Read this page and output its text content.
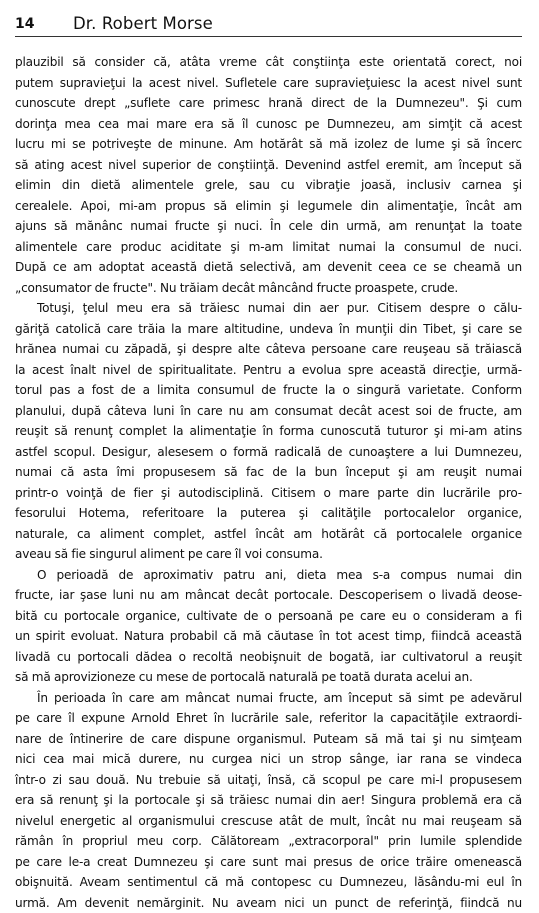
14 Dr. Robert Morse
plauzibil să consider că, atâta vreme cât conştiinţa este orientată corect, noi
putem supravieţui la acest nivel. Sufletele care supravieţuiesc la acest nivel sunt
cunoscute drept „suflete care primesc hrană direct de la Dumnezeu". Şi cum
dorinţa mea cea mai mare era să îl cunosc pe Dumnezeu, am simţit că acest
lucru mi se potriveşte de minune. Am hotărât să mă izolez de lume şi să încerc
să ating acest nivel superior de conştiinţă. Devenind astfel eremit, am început să
elimin din dietă alimentele grele, sau cu vibraţie joasă, inclusiv carnea şi
cerealele. Apoi, mi-am propus să elimin şi legumele din alimentaţie, încât am
ajuns să mănânc numai fructe şi nuci. În cele din urmă, am renunţat la toate
alimentele care produc aciditate şi m-am limitat numai la consumul de nuci.
După ce am adoptat această dietă selectivă, am devenit ceea ce se cheamă un
„consumator de fructe". Nu trăiam decât mâncând fructe proaspete, crude.
Totuşi, ţelul meu era să trăiesc numai din aer pur. Citisem despre o călu-
găriţă catolică care trăia la mare altitudine, undeva în munţii din Tibet, şi care se
hrănea numai cu zăpadă, şi despre alte câteva persoane care reuşeau să trăiască
la acest înalt nivel de spiritualitate. Pentru a evolua spre această direcţie, urmă-
torul pas a fost de a limita consumul de fructe la o singură varietate. Conform
planului, după câteva luni în care nu am consumat decât acest soi de fructe, am
reuşit să renunţ complet la alimentaţie în forma cunoscută tuturor şi mi-am atins
astfel scopul. Desigur, alesesem o formă radicală de cunoaştere a lui Dumnezeu,
numai că asta îmi propusesem să fac de la bun început şi am reuşit numai
printr-o voinţă de fier şi autodisciplină. Citisem o mare parte din lucrările pro-
fesorului Hotema, referitoare la puterea şi calităţile portocalelor organice,
naturale, ca aliment complet, astfel încât am hotărât că portocalele organice
aveau să fie singurul aliment pe care îl voi consuma.
O perioadă de aproximativ patru ani, dieta mea s-a compus numai din
fructe, iar şase luni nu am mâncat decât portocale. Descoperisem o livadă deose-
bită cu portocale organice, cultivate de o persoană pe care eu o consideram a fi
un spirit evoluat. Natura probabil că mă căutase în tot acest timp, fiindcă această
livadă cu portocali dădea o recoltă neobişnuit de bogată, iar cultivatorul a reuşit
să mă aprovizioneze cu mese de portocală naturală pe toată durata acelui an.
În perioada în care am mâncat numai fructe, am început să simt pe adevărul
pe care îl expune Arnold Ehret în lucrările sale, referitor la capacităţile extraordi-
nare de întinerire de care dispune organismul. Puteam să mă tai şi nu simţeam
nici cea mai mică durere, nu curgea nici un strop sânge, iar rana se vindeca
într-o zi sau două. Nu trebuie să uitaţi, însă, că scopul pe care mi-l propusesem
era să renunţ şi la portocale şi să trăiesc numai din aer! Singura problemă era că
nivelul energetic al organismului crescuse atât de mult, încât nu mai reuşeam să
rămân în propriul meu corp. Călătoream „extracorporal" prin lumile splendide
pe care le-a creat Dumnezeu şi care sunt mai presus de orice trăire omenească
obişnuită. Aveam sentimentul că mă contopesc cu Dumnezeu, lăsându-mi eul în
urmă. Am devenit nemărginit. Nu aveam nici un punct de referinţă, fiindcă nu
